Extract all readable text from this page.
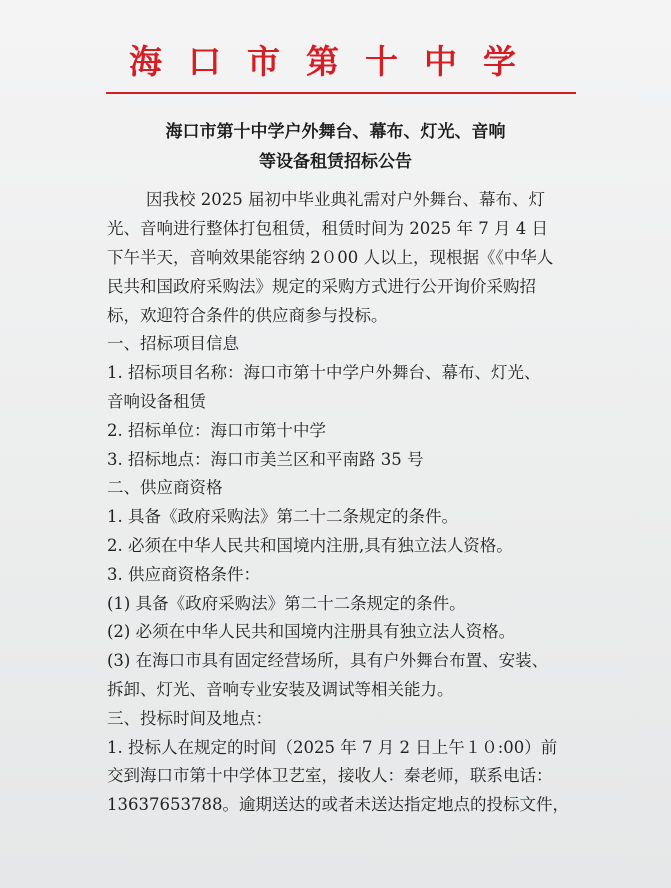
海口市第十中学
海口市第十中学户外舞台、幕布、灯光、音响
等设备租赁招标公告
因我校 2025 届初中毕业典礼需对户外舞台、幕布、灯
光、音响进行整体打包租赁，租赁时间为 2025 年 7 月 4 日
下午半天，音响效果能容纳 2０00 人以上，现根据《《中华人
民共和国政府采购法》规定的采购方式进行公开询价采购招
标，欢迎符合条件的供应商参与投标。
一、招标项目信息
1. 招标项目名称：海口市第十中学户外舞台、幕布、灯光、
音响设备租赁
2. 招标单位：海口市第十中学
3. 招标地点：海口市美兰区和平南路 35 号
二、供应商资格
1. 具备《政府采购法》第二十二条规定的条件。
2. 必须在中华人民共和国境内注册,具有独立法人资格。
3. 供应商资格条件：
(1) 具备《政府采购法》第二十二条规定的条件。
(2) 必须在中华人民共和国境内注册具有独立法人资格。
(3) 在海口市具有固定经营场所，具有户外舞台布置、安装、
拆卸、灯光、音响专业安装及调试等相关能力。
三、投标时间及地点：
1. 投标人在规定的时间（2025 年 7 月 2 日上午１０:00）前
交到海口市第十中学体卫艺室，接收人：秦老师，联系电话：
13637653788。逾期送达的或者未送达指定地点的投标文件，
